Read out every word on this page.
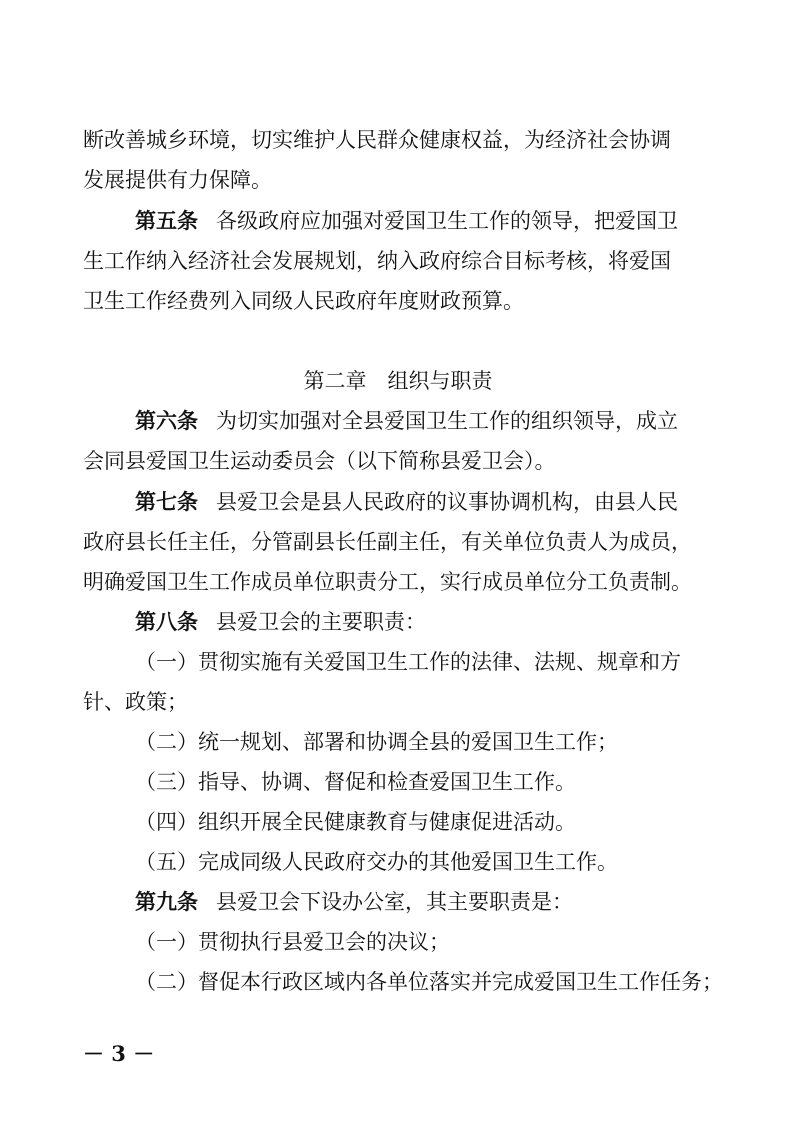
断改善城乡环境，切实维护人民群众健康权益，为经济社会协调
发展提供有力保障。
第五条 各级政府应加强对爱国卫生工作的领导，把爱国卫
生工作纳入经济社会发展规划，纳入政府综合目标考核，将爱国
卫生工作经费列入同级人民政府年度财政预算。
第二章　组织与职责
第六条 为切实加强对全县爱国卫生工作的组织领导，成立
会同县爱国卫生运动委员会（以下简称县爱卫会）。
第七条 县爱卫会是县人民政府的议事协调机构，由县人民
政府县长任主任，分管副县长任副主任，有关单位负责人为成员，
明确爱国卫生工作成员单位职责分工，实行成员单位分工负责制。
第八条 县爱卫会的主要职责：
（一）贯彻实施有关爱国卫生工作的法律、法规、规章和方
针、政策；
（二）统一规划、部署和协调全县的爱国卫生工作；
（三）指导、协调、督促和检查爱国卫生工作。
（四）组织开展全民健康教育与健康促进活动。
（五）完成同级人民政府交办的其他爱国卫生工作。
第九条 县爱卫会下设办公室，其主要职责是：
（一）贯彻执行县爱卫会的决议；
（二）督促本行政区域内各单位落实并完成爱国卫生工作任务；
－ 3 －
